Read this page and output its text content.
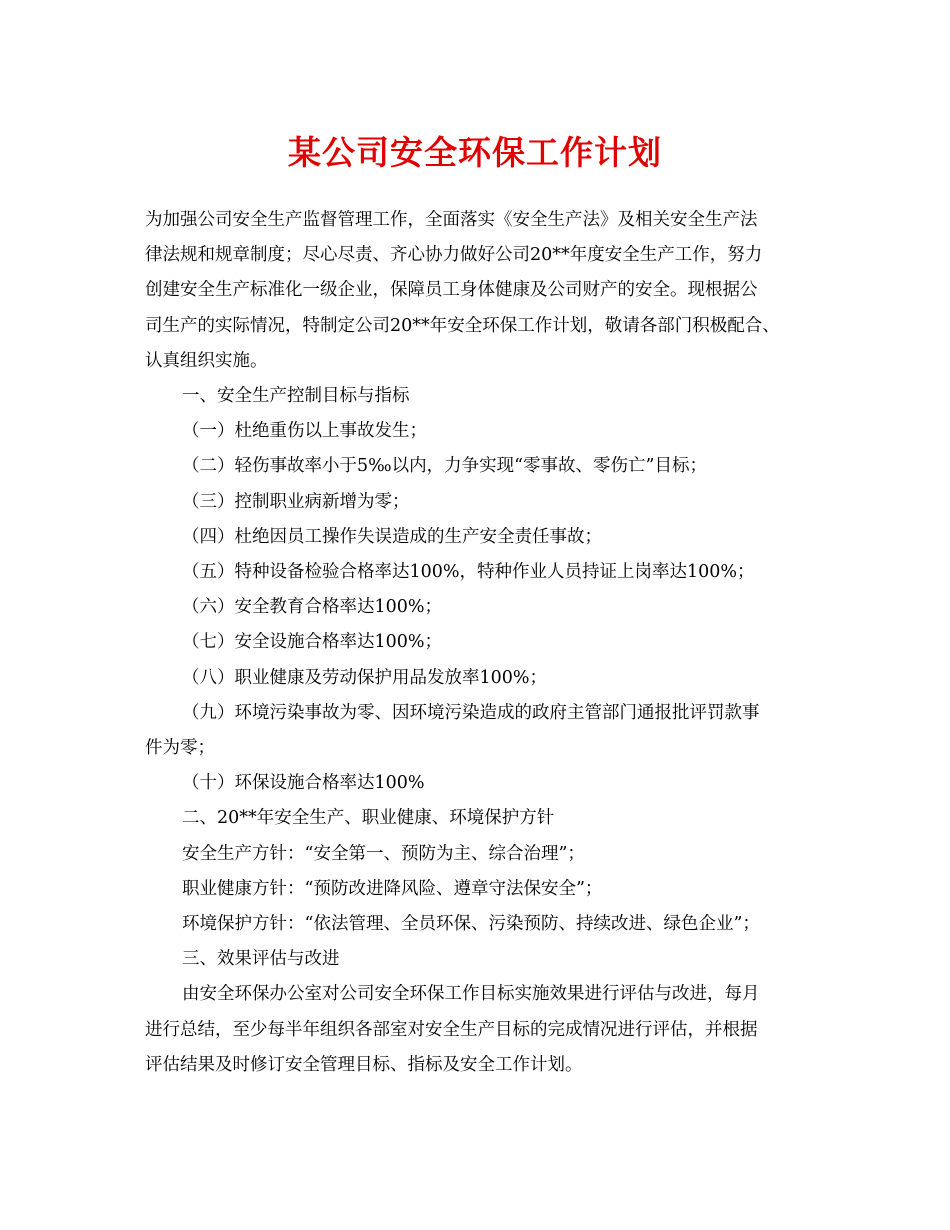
某公司安全环保工作计划

为加强公司安全生产监督管理工作，全面落实《安全生产法》及相关安全生产法

律法规和规章制度；尽心尽责、齐心协力做好公司20**年度安全生产工作，努力

创建安全生产标准化一级企业，保障员工身体健康及公司财产的安全。现根据公

司生产的实际情况，特制定公司20**年安全环保工作计划，敬请各部门积极配合、

认真组织实施。

一、安全生产控制目标与指标

（一）杜绝重伤以上事故发生；

（二）轻伤事故率小于5‰以内，力争实现“零事故、零伤亡”目标；

（三）控制职业病新增为零；

（四）杜绝因员工操作失误造成的生产安全责任事故；

（五）特种设备检验合格率达100%，特种作业人员持证上岗率达100%；

（六）安全教育合格率达100%；

（七）安全设施合格率达100%；

（八）职业健康及劳动保护用品发放率100%；

（九）环境污染事故为零、因环境污染造成的政府主管部门通报批评罚款事

件为零；

（十）环保设施合格率达100%

二、20**年安全生产、职业健康、环境保护方针

安全生产方针：“安全第一、预防为主、综合治理”；

职业健康方针：“预防改进降风险、遵章守法保安全”；

环境保护方针：“依法管理、全员环保、污染预防、持续改进、绿色企业”；

三、效果评估与改进

由安全环保办公室对公司安全环保工作目标实施效果进行评估与改进，每月

进行总结，至少每半年组织各部室对安全生产目标的完成情况进行评估，并根据

评估结果及时修订安全管理目标、指标及安全工作计划。
